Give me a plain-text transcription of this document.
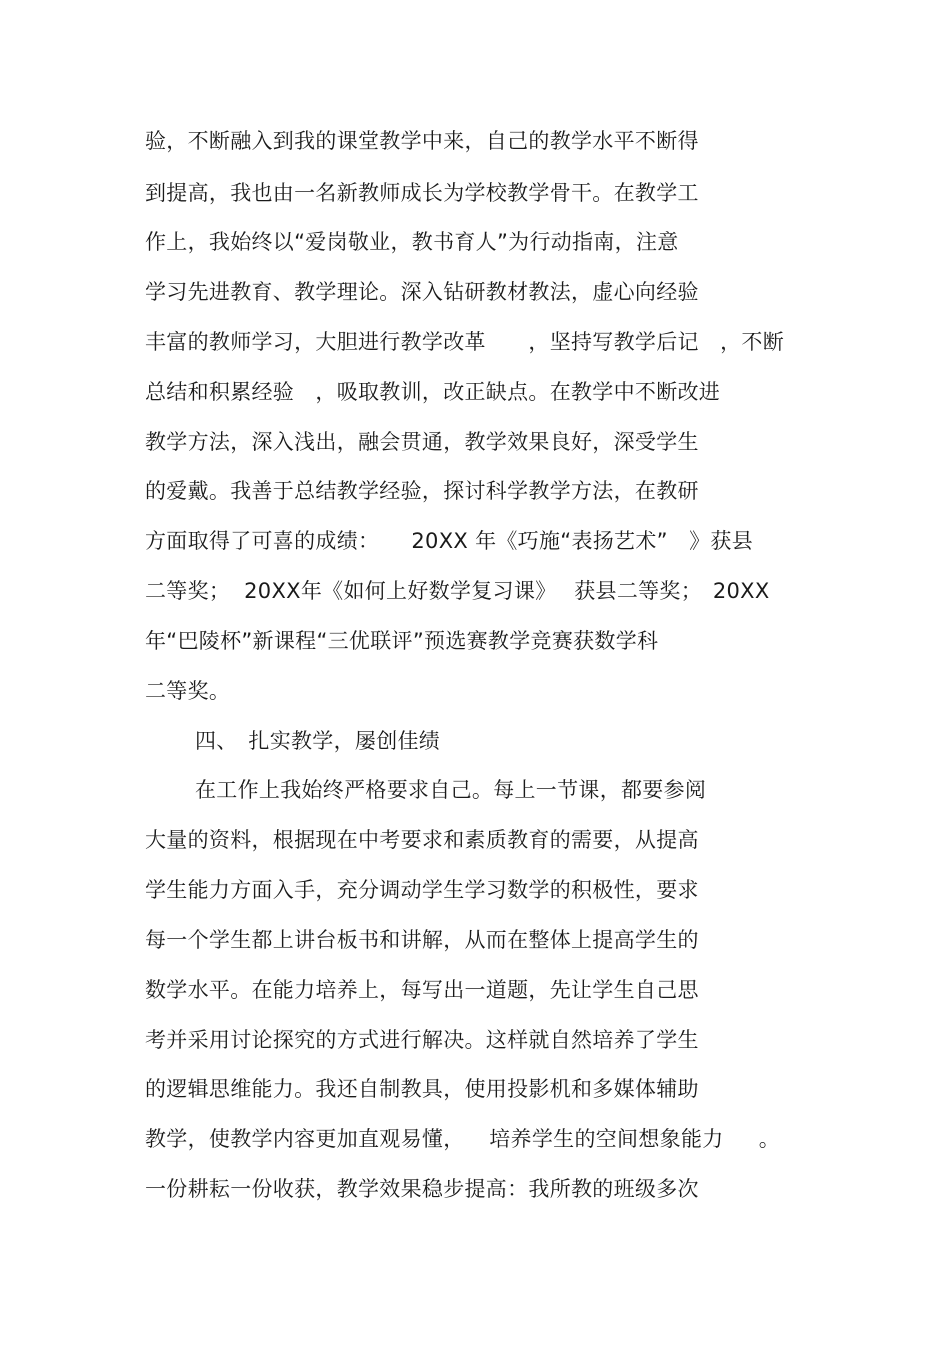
验，不断融入到我的课堂教学中来，自己的教学水平不断得
到提高，我也由一名新教师成长为学校教学骨干。在教学工
作上，我始终以“爱岗敬业，教书育人”为行动指南，注意
学习先进教育、教学理论。深入钻研教材教法，虚心向经验
丰富的教师学习，大胆进行教学改革　　，坚持写教学后记　，不断
总结和积累经验　，吸取教训，改正缺点。在教学中不断改进
教学方法，深入浅出，融会贯通，教学效果良好，深受学生
的爱戴。我善于总结教学经验，探讨科学教学方法，在教研
方面取得了可喜的成绩：　　20XX 年《巧施“表扬艺术”　》获县
二等奖；  20XX年《如何上好数学复习课》　 获县二等奖；　20XX
年“巴陵杯”新课程“三优联评”预选赛教学竞赛获数学科
二等奖。
四、　扎实教学，屡创佳绩
在工作上我始终严格要求自己。每上一节课，都要参阅
大量的资料，根据现在中考要求和素质教育的需要，从提高
学生能力方面入手，充分调动学生学习数学的积极性，要求
每一个学生都上讲台板书和讲解，从而在整体上提高学生的
数学水平。在能力培养上，每写出一道题，先让学生自己思
考并采用讨论探究的方式进行解决。这样就自然培养了学生
的逻辑思维能力。我还自制教具，使用投影机和多媒体辅助
教学，使教学内容更加直观易懂，　  培养学生的空间想象能力　  。
一份耕耘一份收获，教学效果稳步提高：我所教的班级多次
